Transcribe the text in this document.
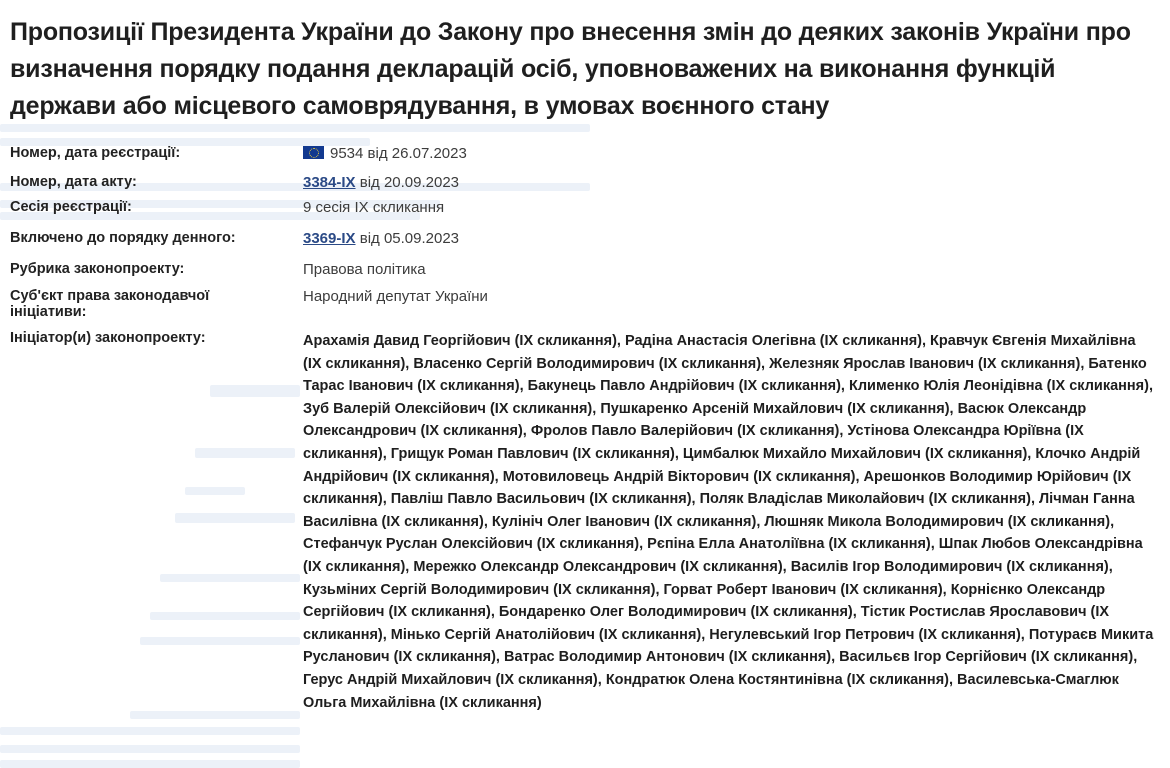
Пропозиції Президента України до Закону про внесення змін до деяких законів України про визначення порядку подання декларацій осіб, уповноважених на виконання функцій держави або місцевого самоврядування, в умовах воєнного стану
Номер, дата реєстрації:	9534 від 26.07.2023
Номер, дата акту:	3384-IX від 20.09.2023
Сесія реєстрації:	9 сесія IX скликання
Включено до порядку денного:	3369-IX від 05.09.2023
Рубрика законопроекту:	Правова політика
Суб'єкт права законодавчої ініціативи:
Народний депутат України
Ініціатор(и) законопроекту:	Арахамія Давид Георгійович (IX скликання), Радіна Анастасія Олегівна (IX скликання), Кравчук Євгенія Михайлівна (IX скликання), Власенко Сергій Володимирович (IX скликання), Железняк Ярослав Іванович (IX скликання), Батенко Тарас Іванович (IX скликання), Бакунець Павло Андрійович (IX скликання), Клименко Юлія Леонідівна (IX скликання), Зуб Валерій Олексійович (IX скликання), Пушкаренко Арсеній Михайлович (IX скликання), Васюк Олександр Олександрович (IX скликання), Фролов Павло Валерійович (IX скликання), Устінова Олександра Юріївна (IX скликання), Грищук Роман Павлович (IX скликання), Цимбалюк Михайло Михайлович (IX скликання), Клочко Андрій Андрійович (IX скликання), Мотовиловець Андрій Вікторович (IX скликання), Арешонков Володимир Юрійович (IX скликання), Павліш Павло Васильович (IX скликання), Поляк Владіслав Миколайович (IX скликання), Лічман Ганна Василівна (IX скликання), Кулініч Олег Іванович (IX скликання), Люшняк Микола Володимирович (IX скликання), Стефанчук Руслан Олексійович (IX скликання), Рєпіна Елла Анатоліївна (IX скликання), Шпак Любов Олександрівна (IX скликання), Мережко Олександр Олександрович (IX скликання), Василів Ігор Володимирович (IX скликання), Кузьміних Сергій Володимирович (IX скликання), Горват Роберт Іванович (IX скликання), Корнієнко Олександр Сергійович (IX скликання), Бондаренко Олег Володимирович (IX скликання), Тістик Ростислав Ярославович (IX скликання), Мінько Сергій Анатолійович (IX скликання), Негулевський Ігор Петрович (IX скликання), Потураєв Микита Русланович (IX скликання), Ватрас Володимир Антонович (IX скликання), Васильєв Ігор Сергійович (IX скликання), Герус Андрій Михайлович (IX скликання), Кондратюк Олена Костянтинівна (IX скликання), Василевська-Смаглюк Ольга Михайлівна (IX скликання)
